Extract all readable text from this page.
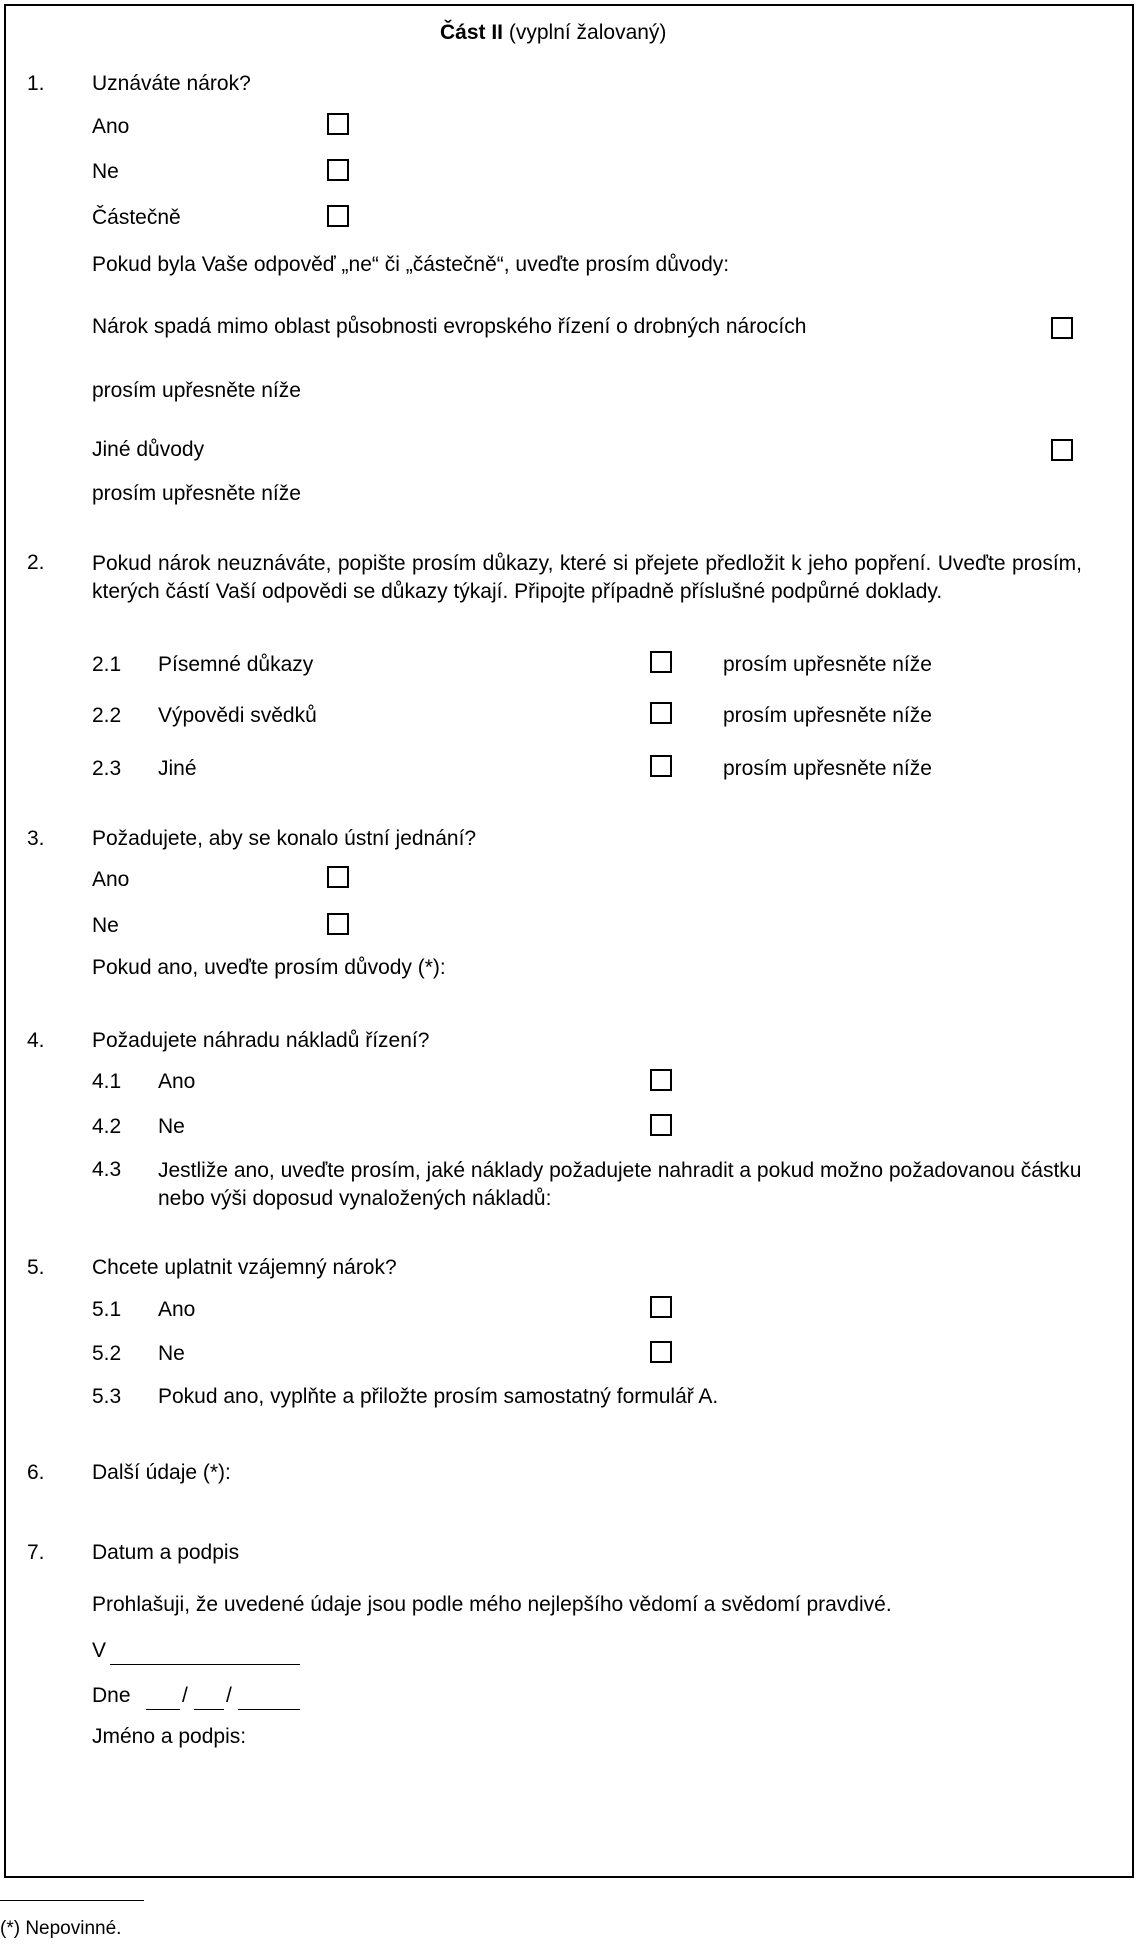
Část II (vyplní žalovaný)
1. Uznáváte nárok?
Ano
Ne
Částečně
Pokud byla Vaše odpověď „ne“ či „částečně“, uveďte prosím důvody:
Nárok spadá mimo oblast působnosti evropského řízení o drobných nárocích
prosím upřesněte níže
Jiné důvody
prosím upřesněte níže
2. Pokud nárok neuznáváte, popište prosím důkazy, které si přejete předložit k jeho popření. Uveďte prosím, kterých částí Vaší odpovědi se důkazy týkají. Připojte případně příslušné podpůrné doklady.
2.1 Písemné důkazy	prosím upřesněte níže
2.2 Výpovědi svědků	prosím upřesněte níže
2.3 Jiné	prosím upřesněte níže
3. Požadujete, aby se konalo ústní jednání?
Ano
Ne
Pokud ano, uveďte prosím důvody (*):
4. Požadujete náhradu nákladů řízení?
4.1 Ano
4.2 Ne
4.3 Jestliže ano, uveďte prosím, jaké náklady požadujete nahradit a pokud možno požadovanou částku nebo výši doposud vynaložených nákladů:
5. Chcete uplatnit vzájemný nárok?
5.1 Ano
5.2 Ne
5.3 Pokud ano, vyplňte a přiložte prosím samostatný formulář A.
6. Další údaje (*):
7. Datum a podpis
Prohlašuji, že uvedené údaje jsou podle mého nejlepšího vědomí a svědomí pravdivé.
V
Dne / /
Jméno a podpis:
(*) Nepovinné.
